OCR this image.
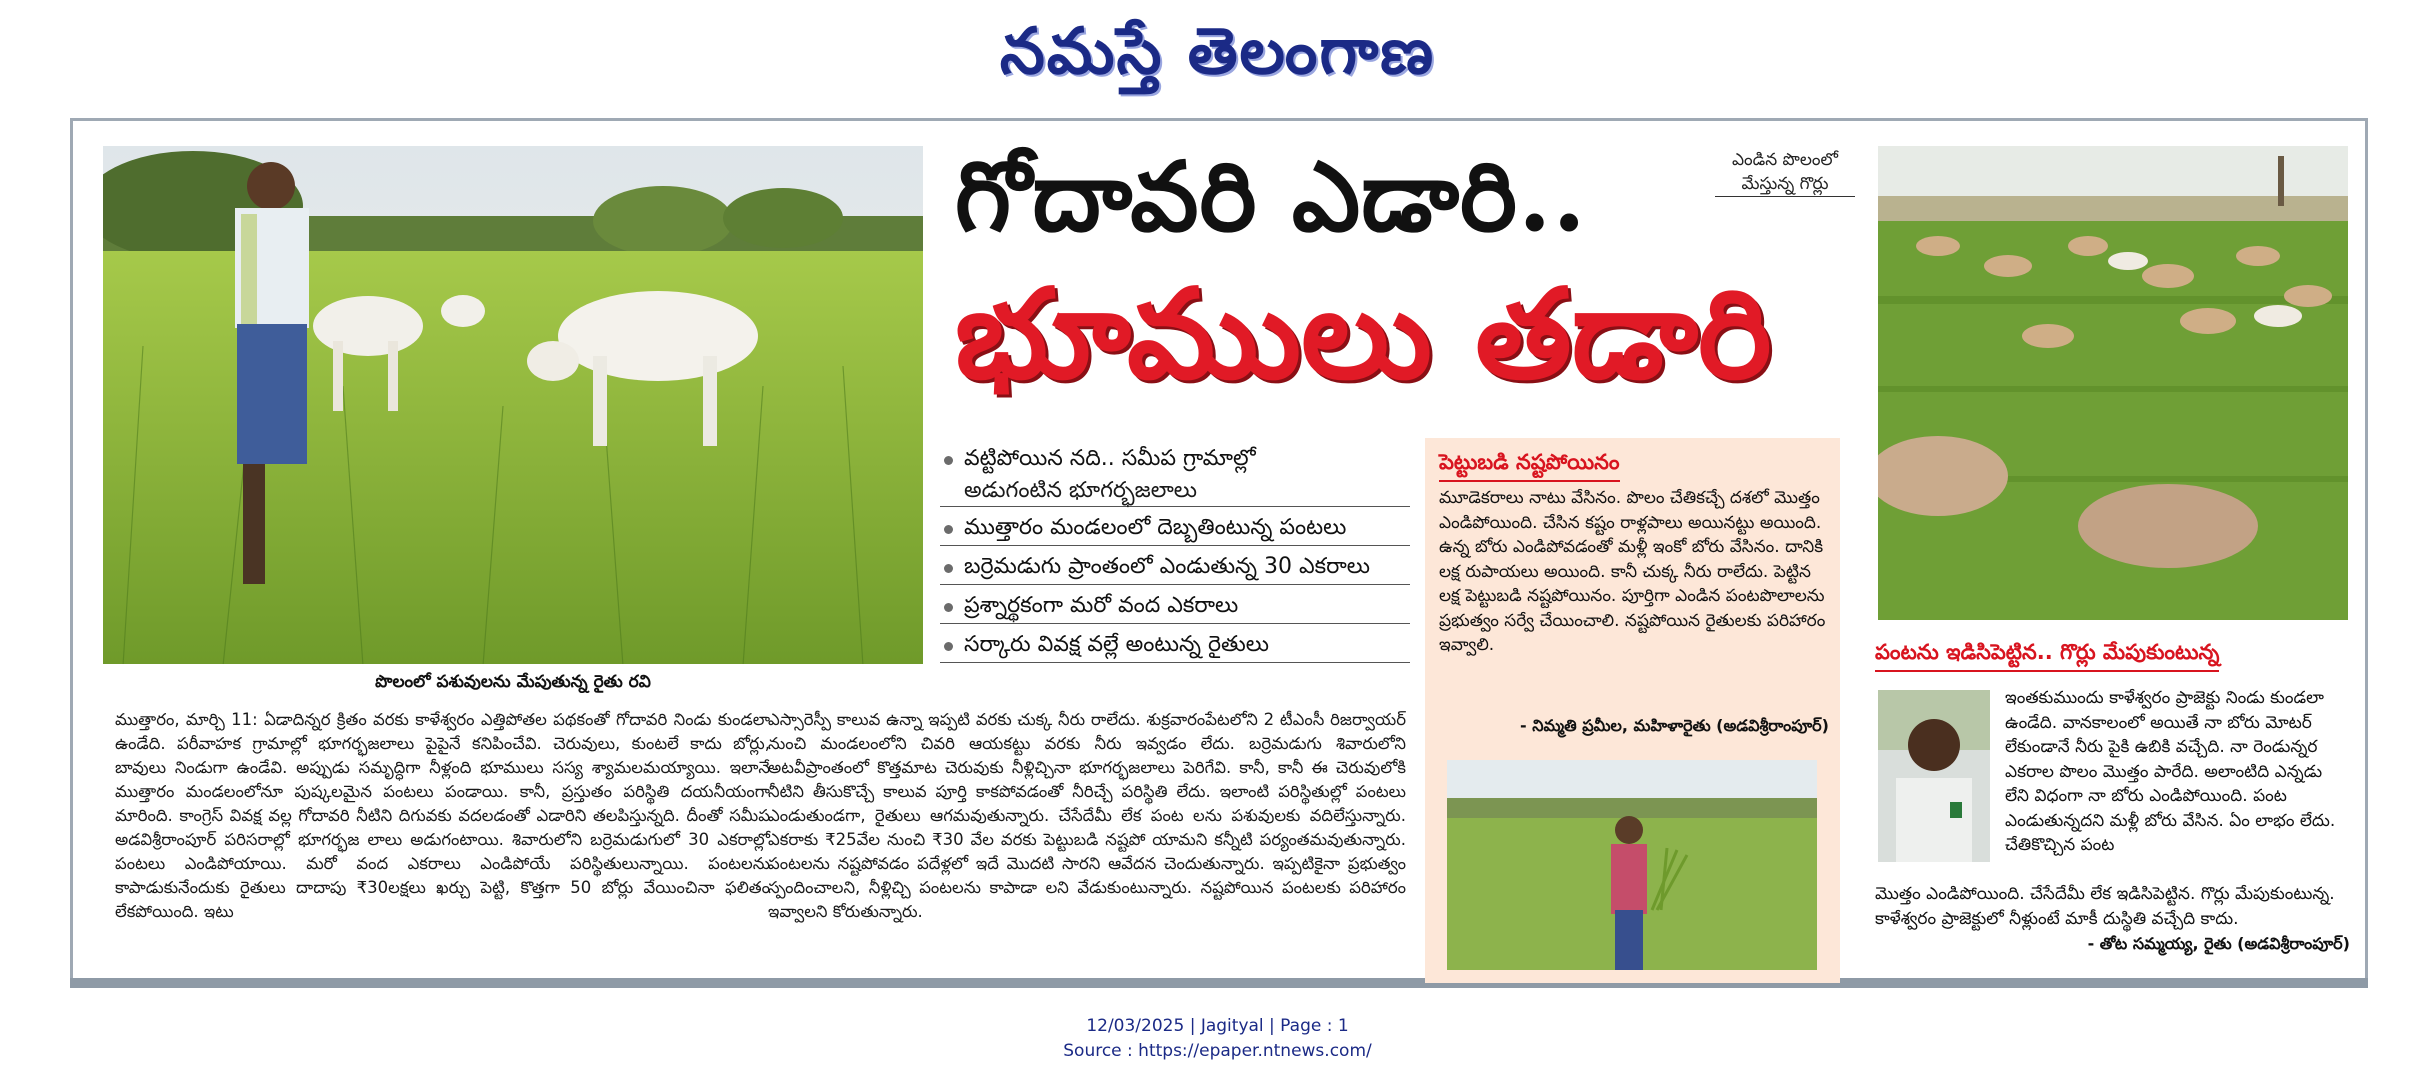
నమస్తే తెలంగాణ
పొలంలో పశువులను మేపుతున్న రైతు రవి
గోదావరి ఎడారి..
భూములు తడారి
ఎండిన పొలంలో మేస్తున్న గొర్లు
వట్టిపోయిన నది.. సమీప గ్రామాల్లో
అడుగంటిన భూగర్భజలాలు
ముత్తారం మండలంలో దెబ్బతింటున్న పంటలు
బర్రెమడుగు ప్రాంతంలో ఎండుతున్న 30 ఎకరాలు
ప్రశ్నార్థకంగా మరో వంద ఎకరాలు
సర్కారు వివక్ష వల్లే అంటున్న రైతులు
ముత్తారం, మార్చి 11: ఏడాదిన్నర క్రితం వరకు కాళేశ్వరం ఎత్తిపోతల పథకంతో గోదావరి నిండు కుండలా ఉండేది. పరీవాహక గ్రామాల్లో భూగర్భజలాలు పైపైనే కనిపించేవి. చెరువులు, కుంటలే కాదు బోర్లు, బావులు నిండుగా ఉండేవి. అప్పుడు సమృద్ధిగా నీళ్లంది భూములు సస్య శ్యామలమయ్యాయి. ఇలానే ముత్తారం మండలంలోనూ పుష్కలమైన పంటలు పండాయి. కానీ, ప్రస్తుతం పరిస్థితి దయనీయంగా మారింది. కాంగ్రెస్ వివక్ష వల్ల గోదావరి నీటిని దిగువకు వదలడంతో ఎడారిని తలపిస్తున్నది. దీంతో సమీప అడవిశ్రీరాంపూర్ పరిసరాల్లో భూగర్భజ లాలు అడుగంటాయి. శివారులోని బర్రెమడుగులో 30 ఎకరాల్లో పంటలు ఎండిపోయాయి. మరో వంద ఎకరాలు ఎండిపోయే పరిస్థితులున్నాయి. పంటలను కాపాడుకునేందుకు రైతులు దాదాపు ₹30లక్షలు ఖర్చు పెట్టి, కొత్తగా 50 బోర్లు వేయించినా ఫలితం లేకపోయింది. ఇటు
ఎస్సారెస్పీ కాలువ ఉన్నా ఇప్పటి వరకు చుక్క నీరు రాలేదు. శుక్రవారంపేటలోని 2 టీఎంసీ రిజర్వాయర్ నుంచి మండలంలోని చివరి ఆయకట్టు వరకు నీరు ఇవ్వడం లేదు. బర్రెమడుగు శివారులోని అటవీప్రాంతంలో కొత్తమాట చెరువుకు నీళ్లిచ్చినా భూగర్భజలాలు పెరిగేవి. కానీ, కానీ ఈ చెరువులోకి నీటిని తీసుకొచ్చే కాలువ పూర్తి కాకపోవడంతో నీరిచ్చే పరిస్థితి లేదు. ఇలాంటి పరిస్థితుల్లో పంటలు ఎండుతుండగా, రైతులు ఆగమవుతున్నారు. చేసేదేమీ లేక పంట లను పశువులకు వదిలేస్తున్నారు. ఎకరాకు ₹25వేల నుంచి ₹30 వేల వరకు పెట్టుబడి నష్టపో యామని కన్నీటి పర్యంతమవుతున్నారు. పంటలను నష్టపోవడం పదేళ్లలో ఇదే మొదటి సారని ఆవేదన చెందుతున్నారు. ఇప్పటికైనా ప్రభుత్వం స్పందించాలని, నీళ్లిచ్చి పంటలను కాపాడా లని వేడుకుంటున్నారు. నష్టపోయిన పంటలకు పరిహారం ఇవ్వాలని కోరుతున్నారు.
పెట్టుబడి నష్టపోయినం
మూడెకరాలు నాటు వేసినం. పొలం చేతికచ్చే దశలో మొత్తం ఎండిపోయింది. చేసిన కష్టం రాళ్లపాలు అయినట్టు అయింది. ఉన్న బోరు ఎండిపోవడంతో మళ్లీ ఇంకో బోరు వేసినం. దానికి లక్ష రుపాయలు అయింది. కానీ చుక్క నీరు రాలేదు. పెట్టిన లక్ష పెట్టుబడి నష్టపోయినం. పూర్తిగా ఎండిన పంటపొలాలను ప్రభుత్వం సర్వే చేయించాలి. నష్టపోయిన రైతులకు పరిహారం ఇవ్వాలి.
- నిమ్మతి ప్రమీల, మహిళారైతు (అడవిశ్రీరాంపూర్)
పంటను ఇడిసిపెట్టిన.. గొర్లు మేపుకుంటున్న
ఇంతకుముందు కాళేశ్వరం ప్రాజెక్టు నిండు కుండలా ఉండేది. వానకాలంలో అయితే నా బోరు మోటర్ లేకుండానే నీరు పైకి ఉబికి వచ్చేది. నా రెండున్నర ఎకరాల పొలం మొత్తం పారేది. అలాంటిది ఎన్నడు లేని విధంగా నా బోరు ఎండిపోయింది. పంట ఎండుతున్నదని మళ్లీ బోరు వేసిన. ఏం లాభం లేదు. చేతికొచ్చిన పంట
మొత్తం ఎండిపోయింది. చేసేదేమీ లేక ఇడిసిపెట్టిన. గొర్లు మేపుకుంటున్న. కాళేశ్వరం ప్రాజెక్టులో నీళ్లుంటే మాకీ దుస్థితి వచ్చేది కాదు.
- తోట సమ్మయ్య, రైతు (అడవిశ్రీరాంపూర్)
12/03/2025 | Jagityal | Page : 1
Source : https://epaper.ntnews.com/
